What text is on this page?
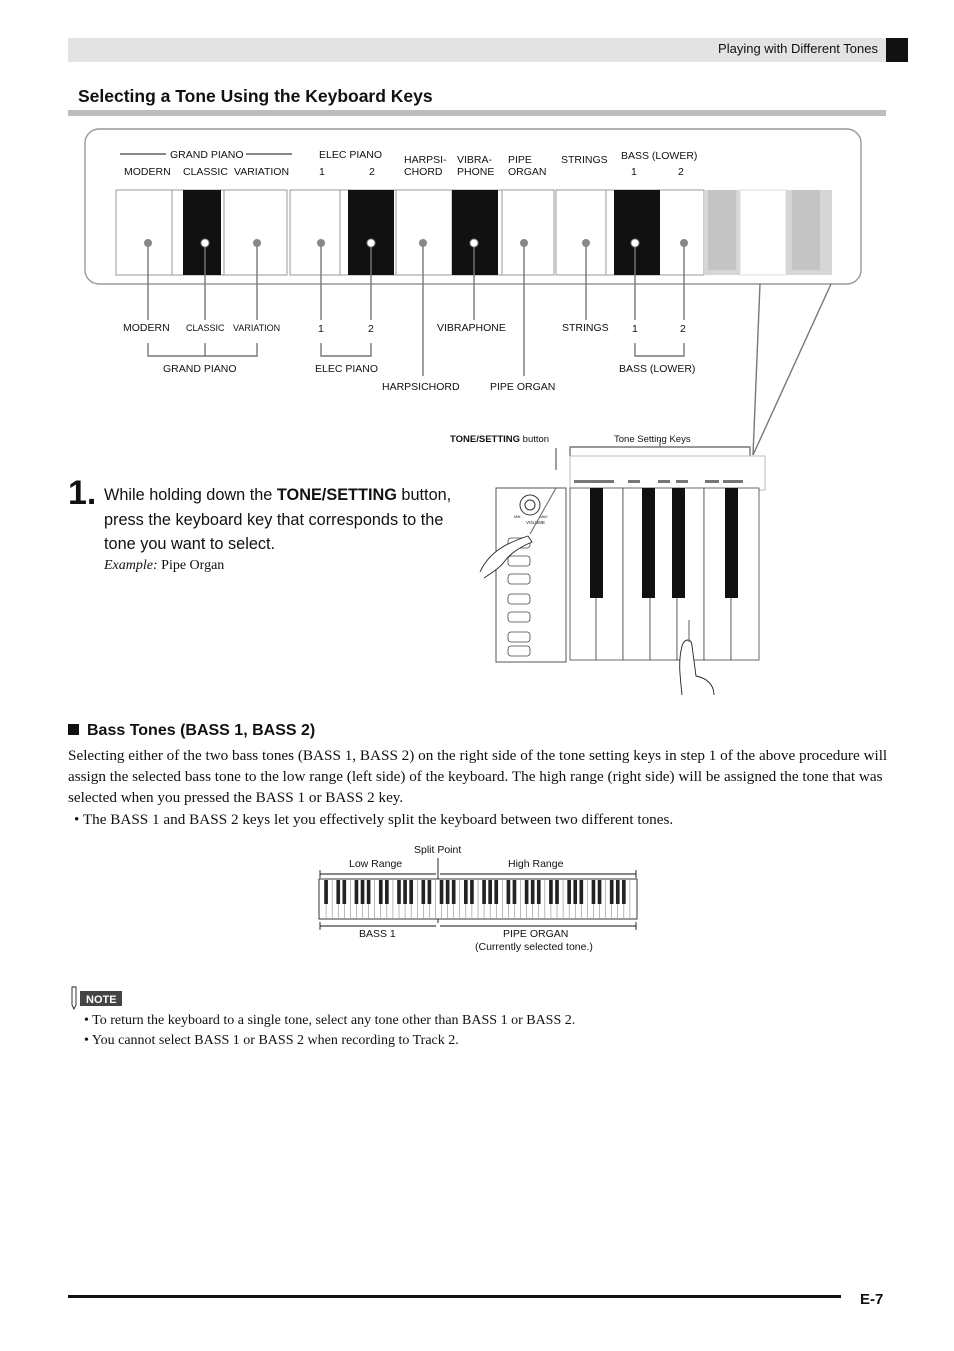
Playing with Different Tones
Selecting a Tone Using the Keyboard Keys
GRAND PIANO
MODERN CLASSIC VARIATION
ELEC PIANO
1	2
HARPSI-
CHORD
VIBRA-
PHONE
PIPE
ORGAN
STRINGS BASS (LOWER)
1	2
MODERN CLASSIC VARIATION	1	2	VIBRAPHONE	STRINGS 1	2
GRAND PIANO	ELEC PIANO	BASS (LOWER)
HARPSICHORD	PIPE ORGAN
TONE/SETTING button	Tone Setting Keys
VOLUME
MIN	MAX
1. While holding down the TONE/SETTING button, press the keyboard key that corresponds to the tone you want to select.
Example: Pipe Organ
Bass Tones (BASS 1, BASS 2)
Selecting either of the two bass tones (BASS 1, BASS 2) on the right side of the tone setting keys in step 1 of the above procedure will assign the selected bass tone to the low range (left side) of the keyboard. The high range (right side) will be assigned the tone that was selected when you pressed the BASS 1 or BASS 2 key.
• The BASS 1 and BASS 2 keys let you effectively split the keyboard between two different tones.
Split Point
Low Range	High Range
BASS 1	PIPE ORGAN
(Currently selected tone.)
NOTE
• To return the keyboard to a single tone, select any tone other than BASS 1 or BASS 2.
• You cannot select BASS 1 or BASS 2 when recording to Track 2.
E-7
